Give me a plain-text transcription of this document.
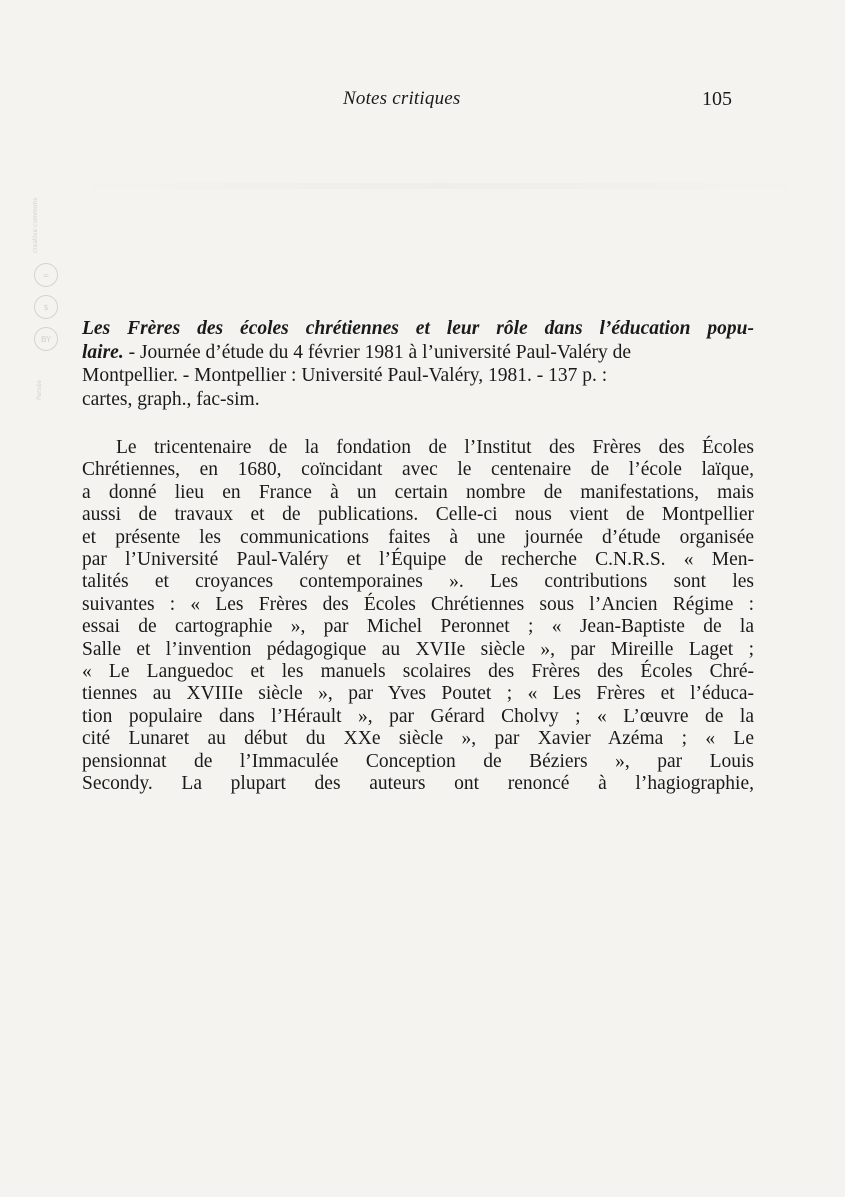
Notes critiques	105
=
$
BY
creative commons
Persée
Les Frères des écoles chrétiennes et leur rôle dans l’éducation popu-
laire. - Journée d’étude du 4 février 1981 à l’université Paul-Valéry de
Montpellier. - Montpellier : Université Paul-Valéry, 1981. - 137 p. :
cartes, graph., fac-sim.
Le tricentenaire de la fondation de l’Institut des Frères des Écoles
Chrétiennes, en 1680, coïncidant avec le centenaire de l’école laïque,
a donné lieu en France à un certain nombre de manifestations, mais
aussi de travaux et de publications. Celle-ci nous vient de Montpellier
et présente les communications faites à une journée d’étude organisée
par l’Université Paul-Valéry et l’Équipe de recherche C.N.R.S. « Men-
talités et croyances contemporaines ». Les contributions sont les
suivantes : « Les Frères des Écoles Chrétiennes sous l’Ancien Régime :
essai de cartographie », par Michel Peronnet ; « Jean-Baptiste de la
Salle et l’invention pédagogique au XVIIe siècle », par Mireille Laget ;
« Le Languedoc et les manuels scolaires des Frères des Écoles Chré-
tiennes au XVIIIe siècle », par Yves Poutet ; « Les Frères et l’éduca-
tion populaire dans l’Hérault », par Gérard Cholvy ; « L’œuvre de la
cité Lunaret au début du XXe siècle », par Xavier Azéma ; « Le
pensionnat de l’Immaculée Conception de Béziers », par Louis
Secondy. La plupart des auteurs ont renoncé à l’hagiographie,
